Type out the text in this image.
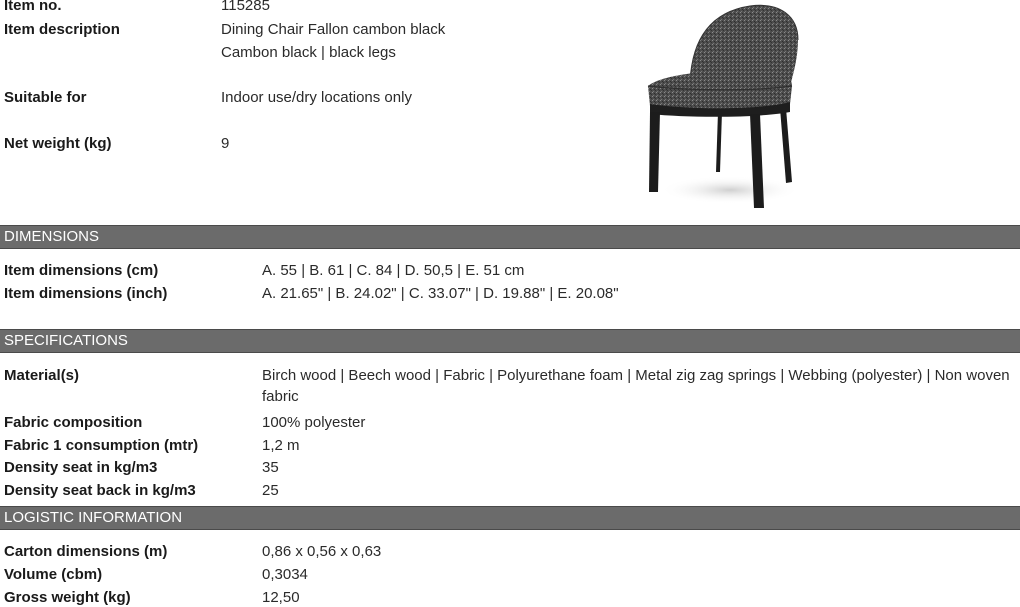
Item no.	115285
Item description	Dining Chair Fallon cambon black
Cambon black | black legs
Suitable for	Indoor use/dry locations only
Net weight (kg)	9
DIMENSIONS
Item dimensions (cm)	A. 55 | B. 61 | C. 84 | D. 50,5 | E. 51 cm
Item dimensions (inch)	A. 21.65" | B. 24.02" | C. 33.07" | D. 19.88" | E. 20.08"
SPECIFICATIONS
Material(s)	Birch wood | Beech wood | Fabric | Polyurethane foam | Metal zig zag springs | Webbing (polyester) | Non woven fabric
Fabric composition	100% polyester
Fabric 1 consumption (mtr)	1,2 m
Density seat in kg/m3	35
Density seat back in kg/m3	25
LOGISTIC INFORMATION
Carton dimensions (m)	0,86 x 0,56 x 0,63
Volume (cbm)	0,3034
Gross weight (kg)	12,50
